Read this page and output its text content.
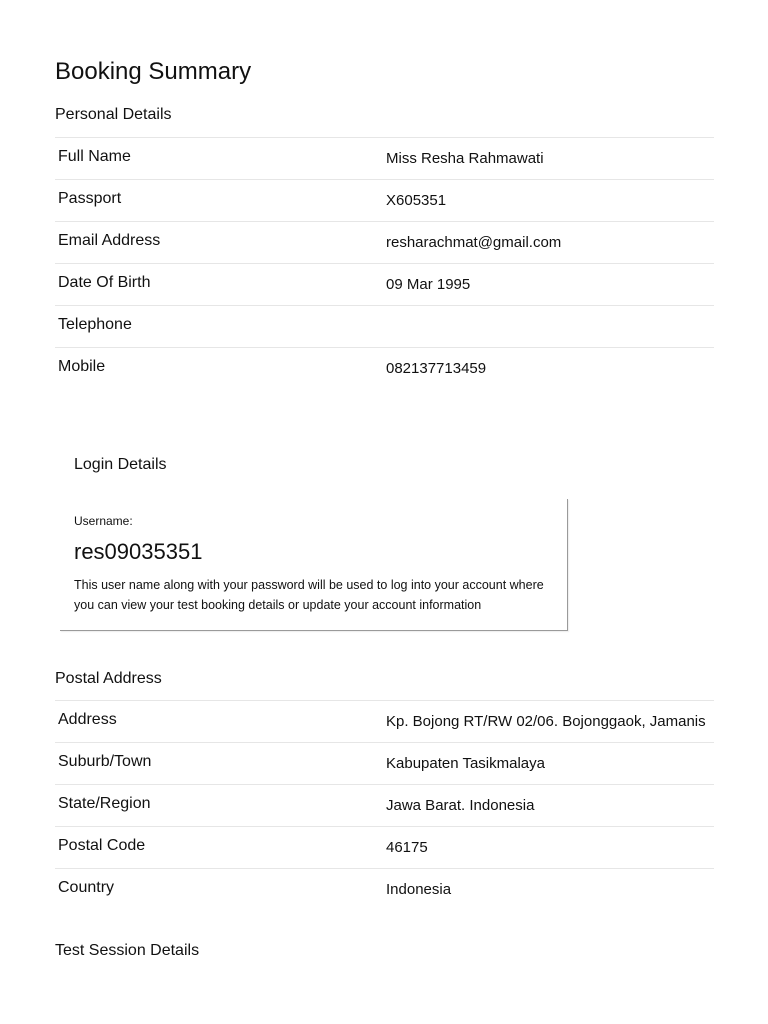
Booking Summary
Personal Details
Full Name	Miss Resha Rahmawati
Passport	X605351
Email Address	resharachmat@gmail.com
Date Of Birth	09 Mar 1995
Telephone
Mobile	082137713459
Login Details
Username:
res09035351
This user name along with your password will be used to log into your account where you can view your test booking details or update your account information
Postal Address
Address	Kp. Bojong RT/RW 02/06. Bojonggaok, Jamanis
Suburb/Town	Kabupaten Tasikmalaya
State/Region	Jawa Barat. Indonesia
Postal Code	46175
Country	Indonesia
Test Session Details
